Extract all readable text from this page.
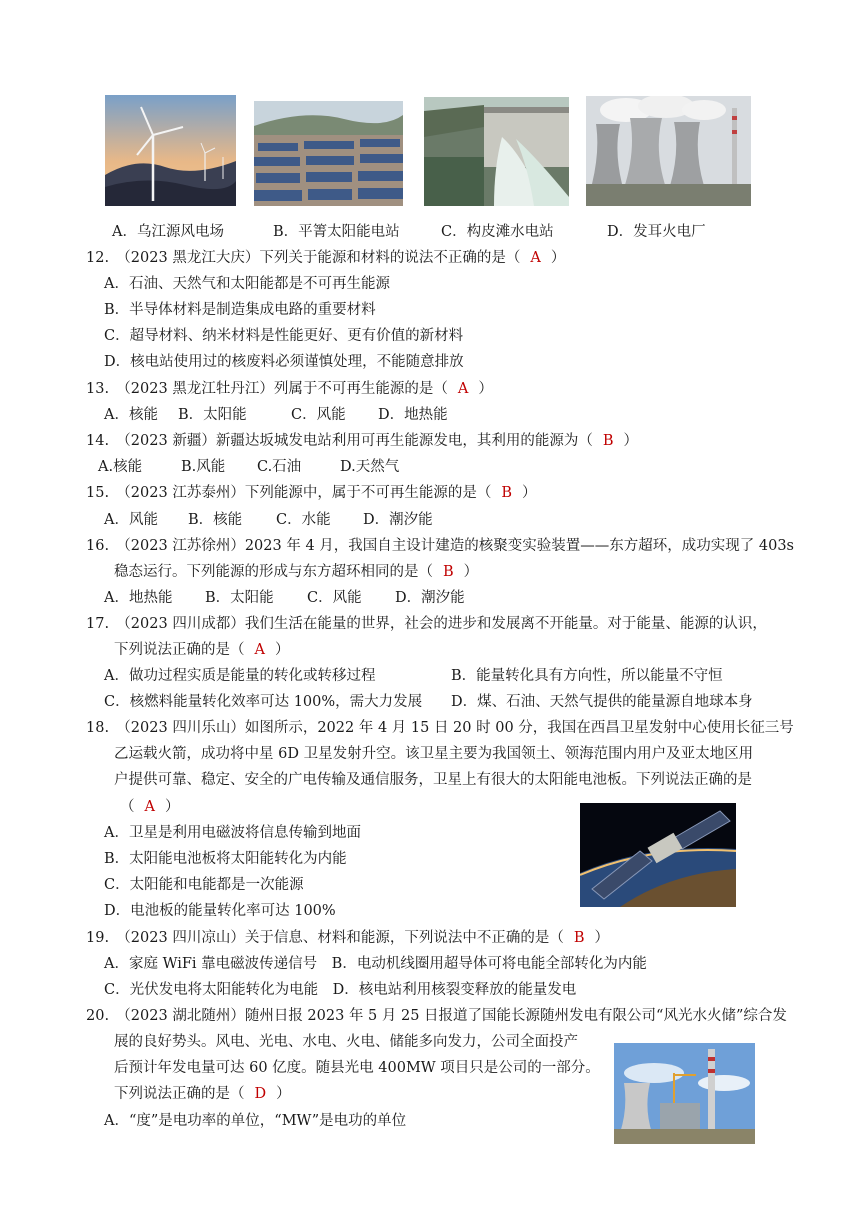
A．乌江源风电场	B．平箐太阳能电站	C．构皮滩水电站	D．发耳火电厂
12.　（2023 黑龙江大庆）下列关于能源和材料的说法不正确的是（ A ）
A．石油、天然气和太阳能都是不可再生能源
B．半导体材料是制造集成电路的重要材料
C．超导材料、纳米材料是性能更好、更有价值的新材料
D．核电站使用过的核废料必须谨慎处理，不能随意排放
13.　（2023 黑龙江牡丹江）列属于不可再生能源的是（ A ）
A．核能 B．太阳能	C．风能 D．地热能
14.　（2023 新疆）新疆达坂城发电站利用可再生能源发电，其利用的能源为（ B ）
A.核能	B.风能 C.石油	D.天然气
15.　（2023 江苏泰州）下列能源中，属于不可再生能源的是（ B ）
A．风能 B．核能 C．水能 D．潮汐能
16.　（2023 江苏徐州）2023 年 4 月，我国自主设计建造的核聚变实验装置——东方超环，成功实现了 403s
稳态运行。下列能源的形成与东方超环相同的是（ B ）
A．地热能 B．太阳能 C．风能 D．潮汐能
17.　（2023 四川成都）我们生活在能量的世界，社会的进步和发展离不开能量。对于能量、能源的认识，
下列说法正确的是（ A ）
A．做功过程实质是能量的转化或转移过程	B．能量转化具有方向性，所以能量不守恒
C．核燃料能量转化效率可达 100%，需大力发展 D．煤、石油、天然气提供的能量源自地球本身
18.　（2023 四川乐山）如图所示，2022 年 4 月 15 日 20 时 00 分，我国在西昌卫星发射中心使用长征三号
乙运载火箭，成功将中星 6D 卫星发射升空。该卫星主要为我国领土、领海范围内用户及亚太地区用
户提供可靠、稳定、安全的广电传输及通信服务，卫星上有很大的太阳能电池板。下列说法正确的是
（ A ）
A．卫星是利用电磁波将信息传输到地面
B．太阳能电池板将太阳能转化为内能
C．太阳能和电能都是一次能源
D．电池板的能量转化率可达 100%
19.　（2023 四川凉山）关于信息、材料和能源，下列说法中不正确的是（ B ）
A．家庭 WiFi 靠电磁波传递信号　B．电动机线圈用超导体可将电能全部转化为内能
C．光伏发电将太阳能转化为电能　D．核电站利用核裂变释放的能量发电
20.　（2023 湖北随州）随州日报 2023 年 5 月 25 日报道了国能长源随州发电有限公司“风光水火储”综合发
展的良好势头。风电、光电、水电、火电、储能多向发力，公司全面投产
后预计年发电量可达 60 亿度。随县光电 400MW 项目只是公司的一部分。
下列说法正确的是（ D ）
A．“度”是电功率的单位，“MW”是电功的单位
